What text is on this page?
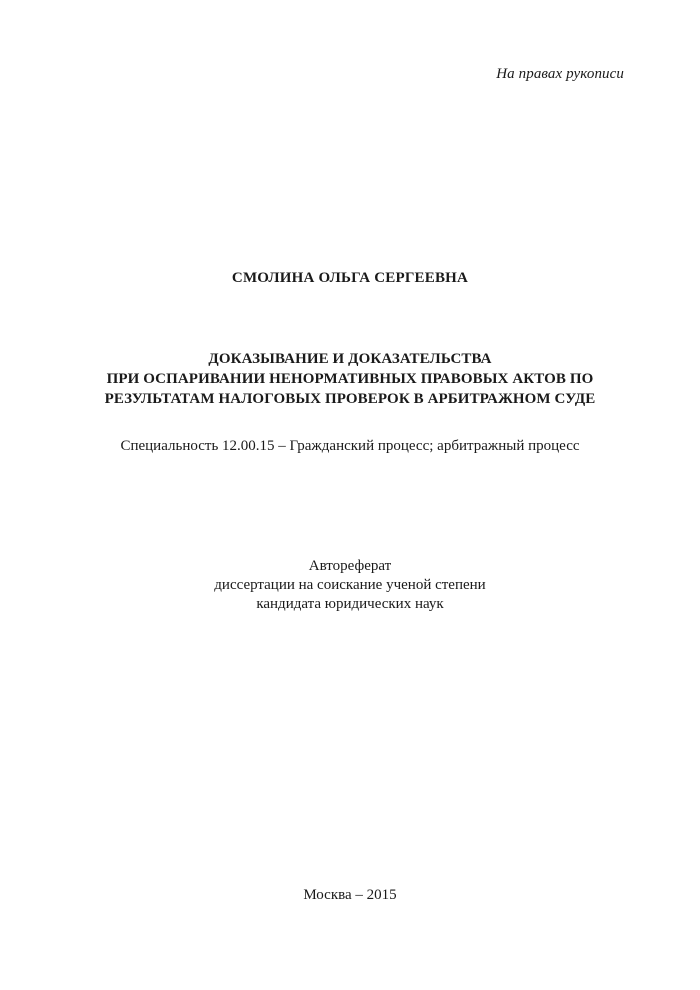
На правах рукописи
СМОЛИНА ОЛЬГА СЕРГЕЕВНА
ДОКАЗЫВАНИЕ И ДОКАЗАТЕЛЬСТВА
ПРИ ОСПАРИВАНИИ НЕНОРМАТИВНЫХ ПРАВОВЫХ АКТОВ ПО
РЕЗУЛЬТАТАМ НАЛОГОВЫХ ПРОВЕРОК В АРБИТРАЖНОМ СУДЕ
Специальность 12.00.15 – Гражданский процесс; арбитражный процесс
Автореферат
диссертации на соискание ученой степени
кандидата юридических наук
Москва – 2015
